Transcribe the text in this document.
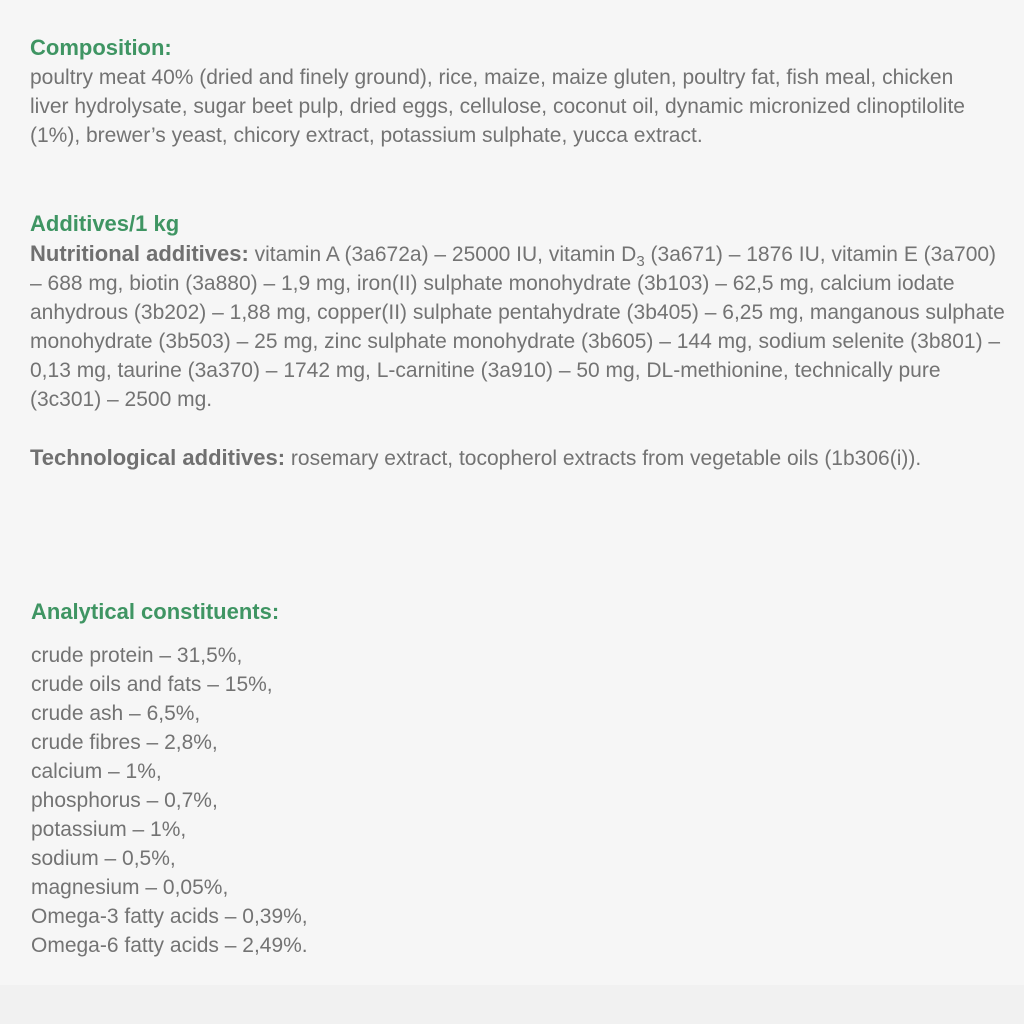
Composition:

poultry meat 40% (dried and finely ground), rice, maize, maize gluten, poultry fat, fish meal, chicken liver hydrolysate, sugar beet pulp, dried eggs, cellulose, coconut oil, dynamic micronized clinoptilolite (1%), brewer’s yeast, chicory extract, potassium sulphate, yucca extract.

Additives/1 kg

Nutritional additives: vitamin A (3a672a) – 25000 IU, vitamin $D_3$ (3a671) – 1876 IU, vitamin E (3a700) – 688 mg, biotin (3a880) – 1,9 mg, iron(II) sulphate monohydrate (3b103) – 62,5 mg, calcium iodate anhydrous (3b202) – 1,88 mg, copper(II) sulphate pentahydrate (3b405) – 6,25 mg, manganous sulphate monohydrate (3b503) – 25 mg, zinc sulphate monohydrate (3b605) – 144 mg, sodium selenite (3b801) – 0,13 mg, taurine (3a370) – 1742 mg, L-carnitine (3a910) – 50 mg, DL-methionine, technically pure (3c301) – 2500 mg.

Technological additives: rosemary extract, tocopherol extracts from vegetable oils (1b306(i)).

Analytical constituents:
crude protein – 31,5%,
crude oils and fats – 15%,
crude ash – 6,5%,
crude fibres – 2,8%,
calcium – 1%,
phosphorus – 0,7%,
potassium – 1%,
sodium – 0,5%,
magnesium – 0,05%,
Omega-3 fatty acids – 0,39%,
Omega-6 fatty acids – 2,49%.
